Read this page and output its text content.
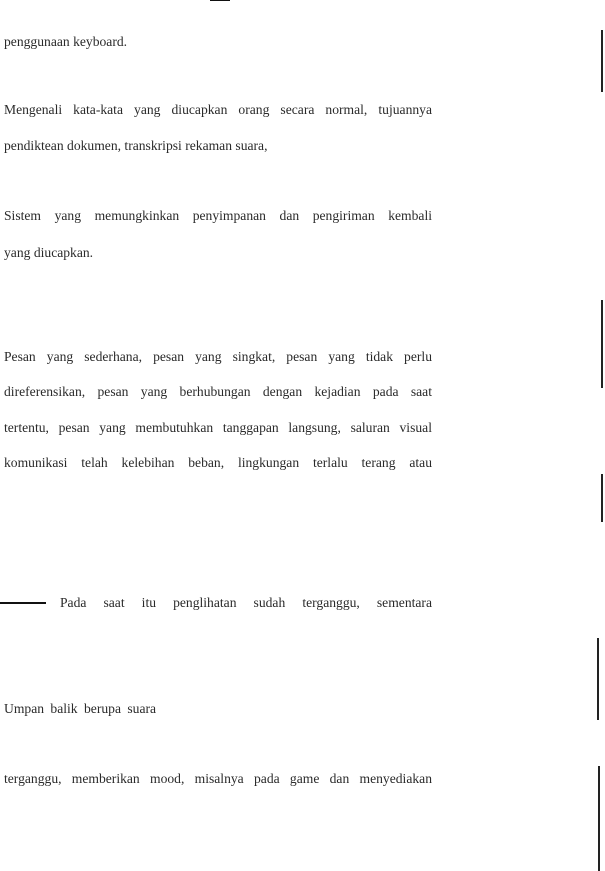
penggunaan keyboard.
Mengenali kata-kata yang diucapkan orang secara normal, tujuannya
pendiktean dokumen, transkripsi rekaman suara,
Sistem yang memungkinkan penyimpanan dan pengiriman kembali
yang diucapkan.
Pesan yang sederhana, pesan yang singkat, pesan yang tidak perlu
direferensikan, pesan yang berhubungan dengan kejadian pada saat
tertentu, pesan yang membutuhkan tanggapan langsung, saluran visual
komunikasi telah kelebihan beban, lingkungan terlalu terang atau
Pada saat itu penglihatan sudah terganggu, sementara
Umpan balik berupa suara
terganggu, memberikan mood, misalnya pada game dan menyediakan
